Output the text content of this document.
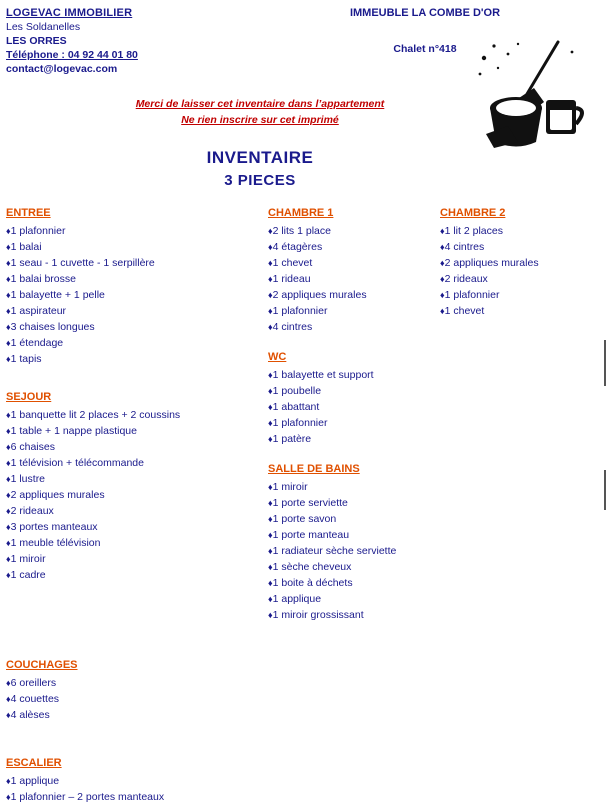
LOGEVAC IMMOBILIER
Les Soldanelles
LES ORRES
Téléphone : 04 92 44 01 80
contact@logevac.com
IMMEUBLE LA COMBE D'OR
Chalet n°418
Merci de laisser cet inventaire dans l’appartement
Ne rien inscrire sur cet imprimé
INVENTAIRE
3 PIECES
ENTREE
♦1 plafonnier
♦1 balai
♦1 seau - 1 cuvette - 1 serpillère
♦1 balai brosse
♦1 balayette + 1 pelle
♦1 aspirateur
♦3 chaises longues
♦1 étendage
♦1 tapis
SEJOUR
♦1 banquette lit 2 places + 2 coussins
♦1 table + 1 nappe plastique
♦6 chaises
♦1 télévision + télécommande
♦1 lustre
♦2 appliques murales
♦2 rideaux
♦3 portes manteaux
♦1 meuble télévision
♦1 miroir
♦1 cadre
COUCHAGES
♦6 oreillers
♦4 couettes
♦4 alèses
ESCALIER
♦1 applique
♦1 plafonnier – 2 portes manteaux
CHAMBRE 1
♦2 lits 1 place
♦4 étagères
♦1 chevet
♦1 rideau
♦2 appliques murales
♦1 plafonnier
♦4 cintres
WC
♦1 balayette et support
♦1 poubelle
♦1 abattant
♦1 plafonnier
♦1 patère
SALLE DE BAINS
♦1 miroir
♦1 porte serviette
♦1 porte savon
♦1 porte manteau
♦1 radiateur sèche serviette
♦1 sèche cheveux
♦1 boite à déchets
♦1 applique
♦1 miroir grossissant
CHAMBRE 2
♦1 lit 2 places
♦4 cintres
♦2 appliques murales
♦2 rideaux
♦1 plafonnier
♦1 chevet
